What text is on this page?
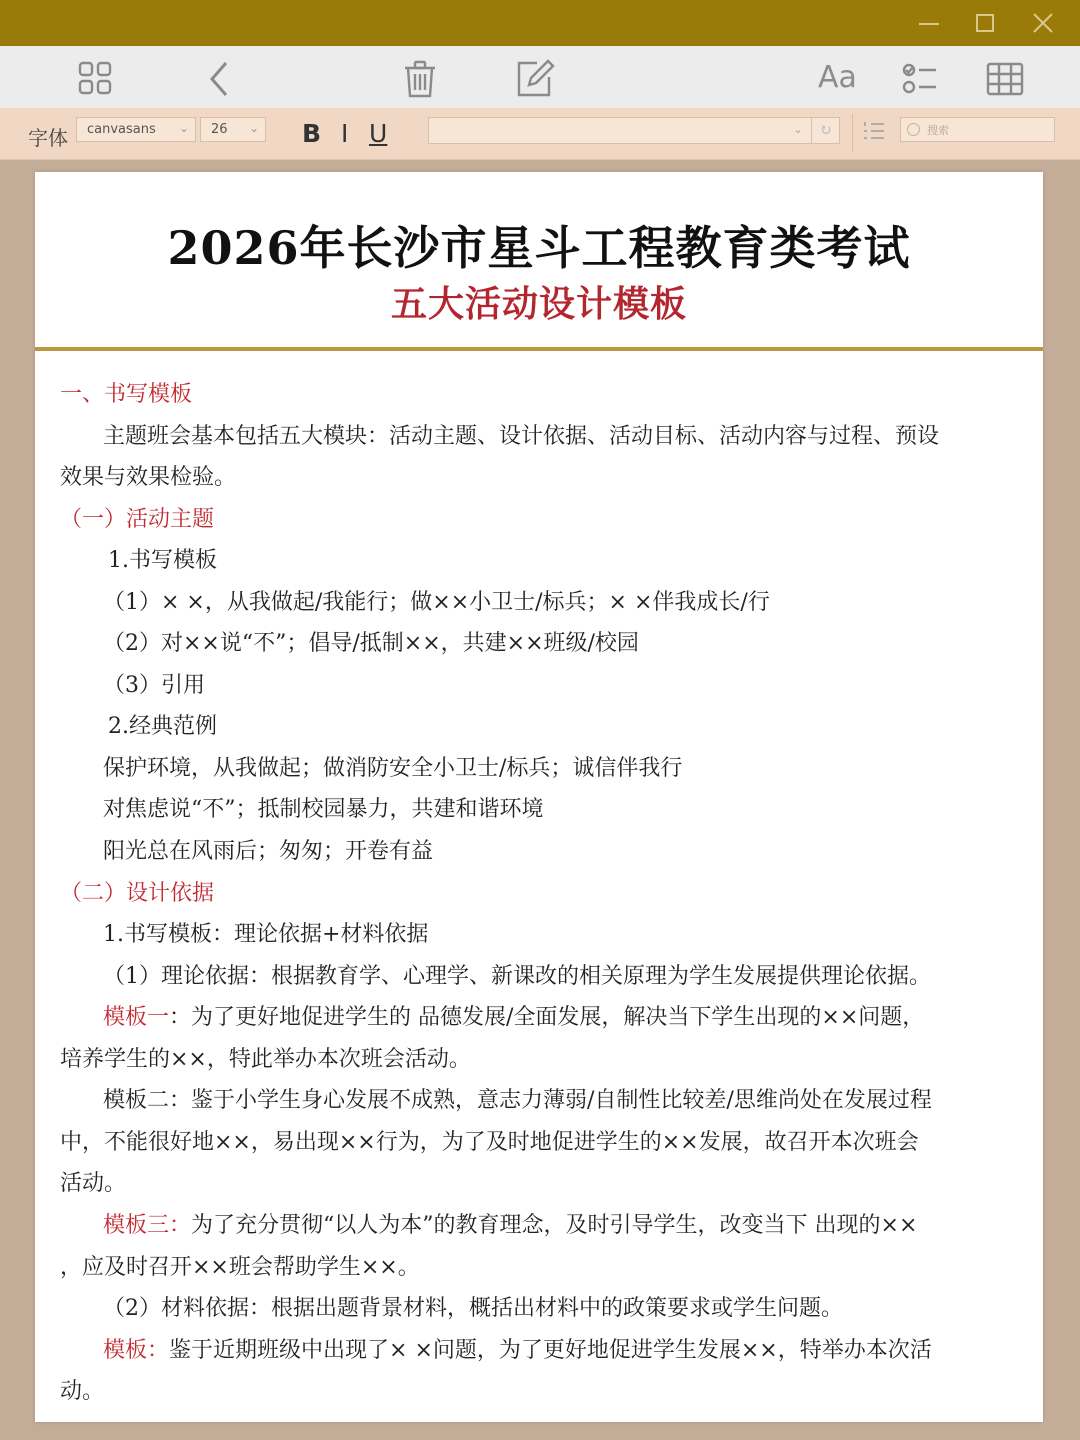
Aa
字体	canvasans ⌄	26 ⌄ B I U	⌄	↻	搜索
2026年长沙市星斗工程教育类考试
五大活动设计模板
一、书写模板
主题班会基本包括五大模块：活动主题、设计依据、活动目标、活动内容与过程、预设
效果与效果检验。
（一）活动主题
1.书写模板
（1）× ×，从我做起/我能行；做××小卫士/标兵；× ×伴我成长/行
（2）对××说“不”；倡导/抵制××，共建××班级/校园
（3）引用
2.经典范例
保护环境，从我做起；做消防安全小卫士/标兵；诚信伴我行
对焦虑说“不”；抵制校园暴力，共建和谐环境
阳光总在风雨后；匆匆；开卷有益
（二）设计依据
1.书写模板：理论依据+材料依据
（1）理论依据：根据教育学、心理学、新课改的相关原理为学生发展提供理论依据。
模板一：为了更好地促进学生的 品德发展/全面发展，解决当下学生出现的××问题，
培养学生的××，特此举办本次班会活动。
模板二：鉴于小学生身心发展不成熟，意志力薄弱/自制性比较差/思维尚处在发展过程
中，不能很好地××，易出现××行为，为了及时地促进学生的××发展，故召开本次班会
活动。
模板三：为了充分贯彻“以人为本”的教育理念，及时引导学生，改变当下 出现的××
，应及时召开××班会帮助学生××。
（2）材料依据：根据出题背景材料，概括出材料中的政策要求或学生问题。
模板：鉴于近期班级中出现了× ×问题，为了更好地促进学生发展××，特举办本次活
动。
